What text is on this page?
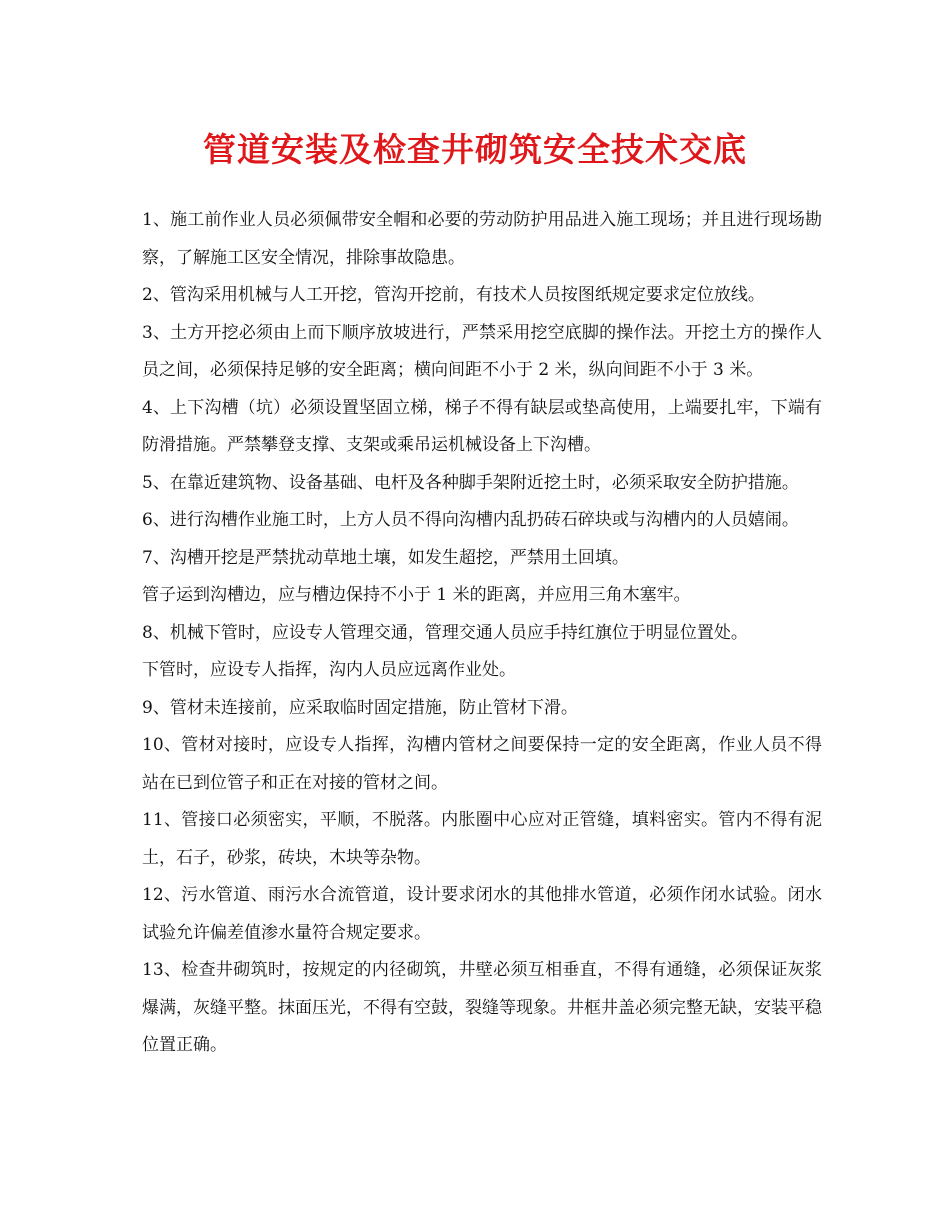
管道安装及检查井砌筑安全技术交底

1、施工前作业人员必须佩带安全帽和必要的劳动防护用品进入施工现场；并且进行现场勘察，了解施工区安全情况，排除事故隐患。

2、管沟采用机械与人工开挖，管沟开挖前，有技术人员按图纸规定要求定位放线。

3、土方开挖必须由上而下顺序放坡进行，严禁采用挖空底脚的操作法。开挖土方的操作人员之间，必须保持足够的安全距离；横向间距不小于 2 米，纵向间距不小于 3 米。

4、上下沟槽（坑）必须设置坚固立梯，梯子不得有缺层或垫高使用，上端要扎牢，下端有防滑措施。严禁攀登支撑、支架或乘吊运机械设备上下沟槽。

5、在靠近建筑物、设备基础、电杆及各种脚手架附近挖土时，必须采取安全防护措施。

6、进行沟槽作业施工时，上方人员不得向沟槽内乱扔砖石碎块或与沟槽内的人员嬉闹。

7、沟槽开挖是严禁扰动草地土壤，如发生超挖，严禁用土回填。

管子运到沟槽边，应与槽边保持不小于 1 米的距离，并应用三角木塞牢。

8、机械下管时，应设专人管理交通，管理交通人员应手持红旗位于明显位置处。

下管时，应设专人指挥，沟内人员应远离作业处。

9、管材未连接前，应采取临时固定措施，防止管材下滑。

10、管材对接时，应设专人指挥，沟槽内管材之间要保持一定的安全距离，作业人员不得站在已到位管子和正在对接的管材之间。

11、管接口必须密实，平顺，不脱落。内胀圈中心应对正管缝，填料密实。管内不得有泥土，石子，砂浆，砖块，木块等杂物。

12、污水管道、雨污水合流管道，设计要求闭水的其他排水管道，必须作闭水试验。闭水试验允许偏差值渗水量符合规定要求。

13、检查井砌筑时，按规定的内径砌筑，井壁必须互相垂直，不得有通缝，必须保证灰浆爆满，灰缝平整。抹面压光，不得有空鼓，裂缝等现象。井框井盖必须完整无缺，安装平稳位置正确。
